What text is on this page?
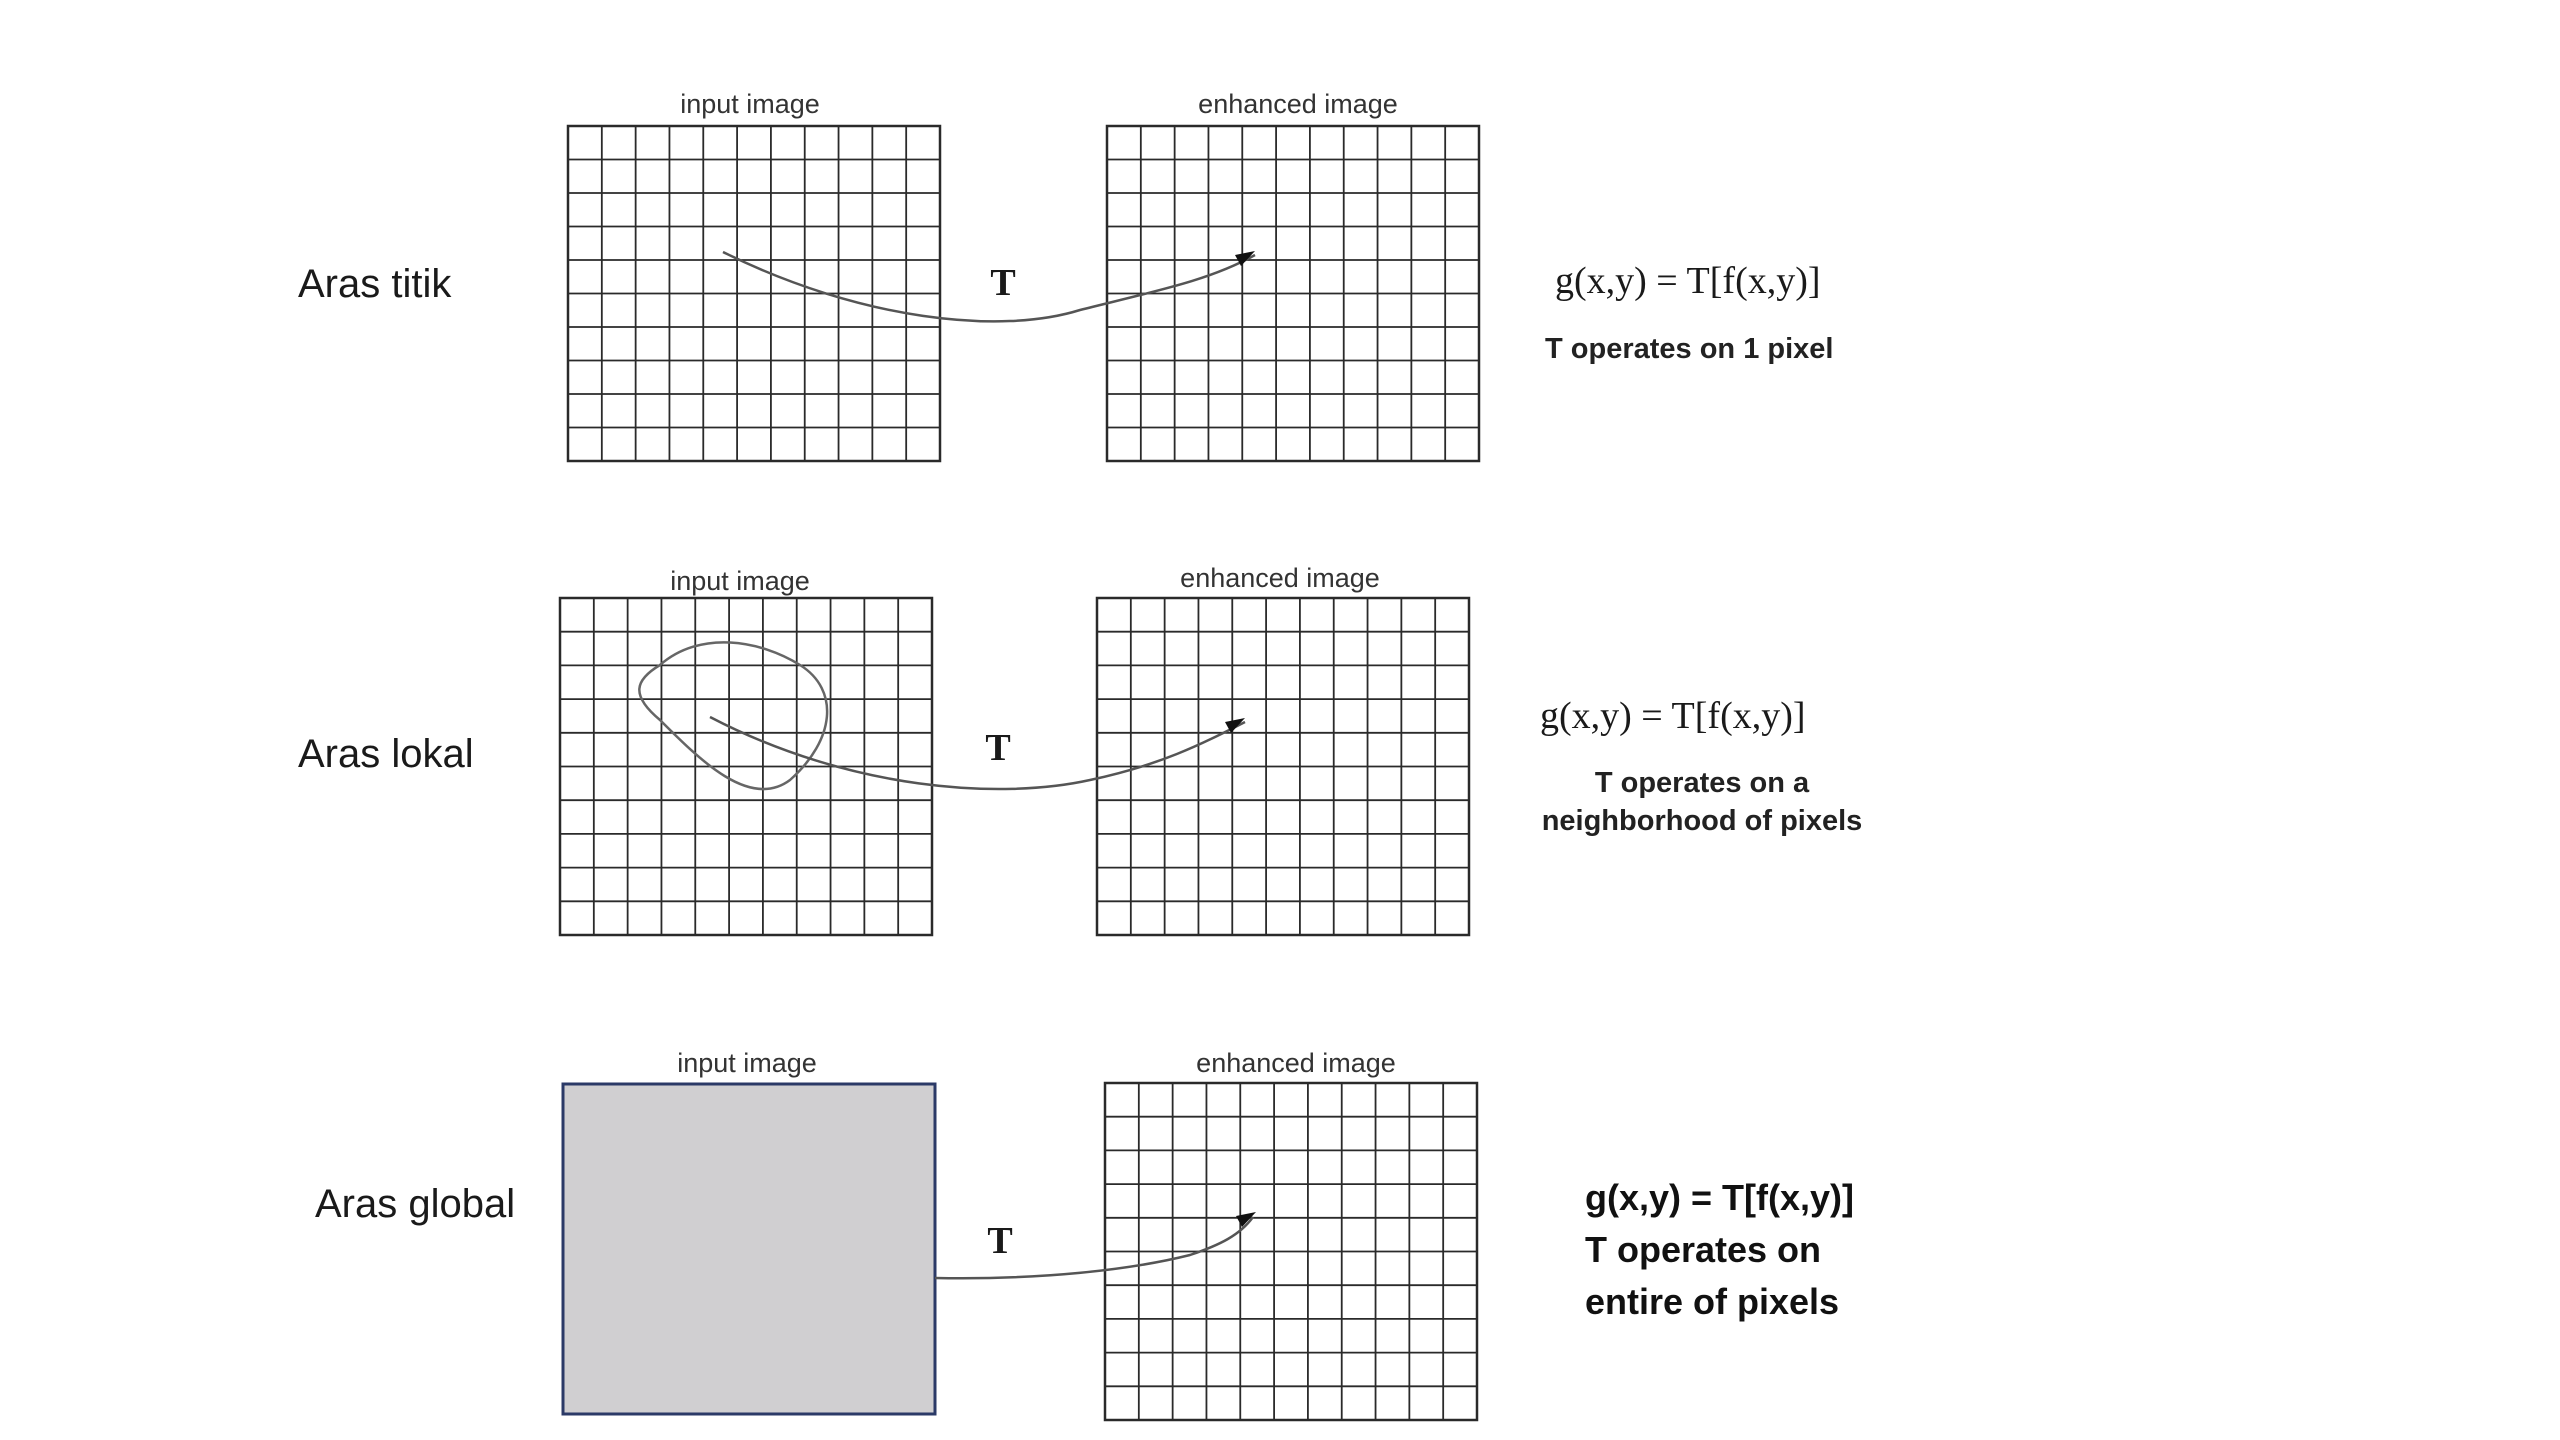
Aras titik
input image	enhanced image
T	g(x,y) = T[f(x,y)]
T operates on 1 pixel
Aras lokal
input image	enhanced image
T
g(x,y) = T[f(x,y)]
T operates on a
neighborhood of pixels
Aras global
input image	enhanced image
T
g(x,y) = T[f(x,y)]
T operates on
entire of pixels
